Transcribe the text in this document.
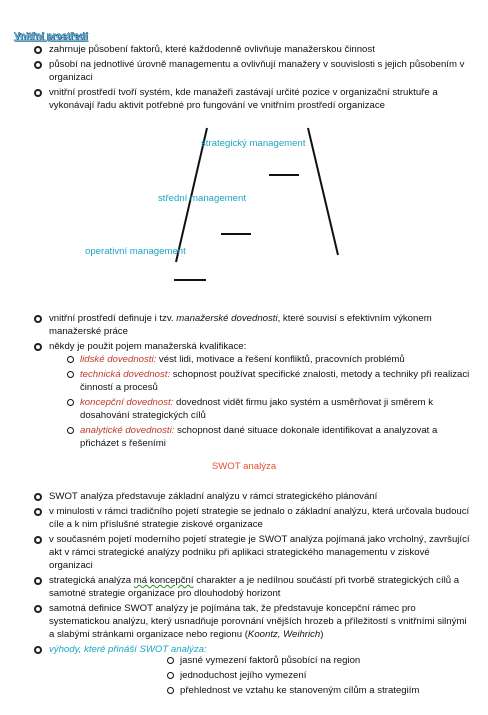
Vnitřní prostředí
zahrnuje působení faktorů, které každodenně ovlivňuje manažerskou činnost
působí na jednotlivé úrovně managementu a ovlivňují manažery v souvislosti s jejich působením v organizaci
vnitřní prostředí tvoří systém, kde manažeři zastávají určité pozice v organizační struktuře a vykonávají řadu aktivit potřebné pro fungování ve vnitřním prostředí organizace
strategický management
střední management
operativní management
vnitřní prostředí definuje i tzv. manažerské dovednosti, které souvisí s efektivním výkonem manažerské práce
někdy je použit pojem manažerská kvalifikace:
lidské dovednosti: vést lidi, motivace a řešení konfliktů, pracovních problémů
technická dovednost: schopnost používat specifické znalosti, metody a techniky při realizaci činností a procesů
koncepční dovednost: dovednost vidět firmu jako systém a usměrňovat ji směrem k dosahování strategických cílů
analytické dovednosti: schopnost dané situace dokonale identifikovat a analyzovat a přicházet s řešeními
SWOT analýza
SWOT analýza představuje základní analýzu v rámci strategického plánování
v minulosti v rámci tradičního pojetí strategie se jednalo o základní analýzu, která určovala budoucí cíle a k nim příslušné strategie ziskové organizace
v současném pojetí moderního pojetí strategie je SWOT analýza pojímaná jako vrcholný, završující akt v rámci strategické analýzy podniku při aplikaci strategického managementu v ziskové organizaci
strategická analýza má koncepční charakter a je nedílnou součástí při tvorbě strategických cílů a samotné strategie organizace pro dlouhodobý horizont
samotná definice SWOT analýzy je pojímána tak, že představuje koncepční rámec pro systematickou analýzu, který usnadňuje porovnání vnějších hrozeb a příležitostí s vnitřními silnými a slabými stránkami organizace nebo regionu (Koontz, Weihrich)
výhody, které přináší SWOT analýza:
jasné vymezení faktorů působící na region
jednoduchost jejího vymezení
přehlednost ve vztahu ke stanoveným cílům a strategiím
